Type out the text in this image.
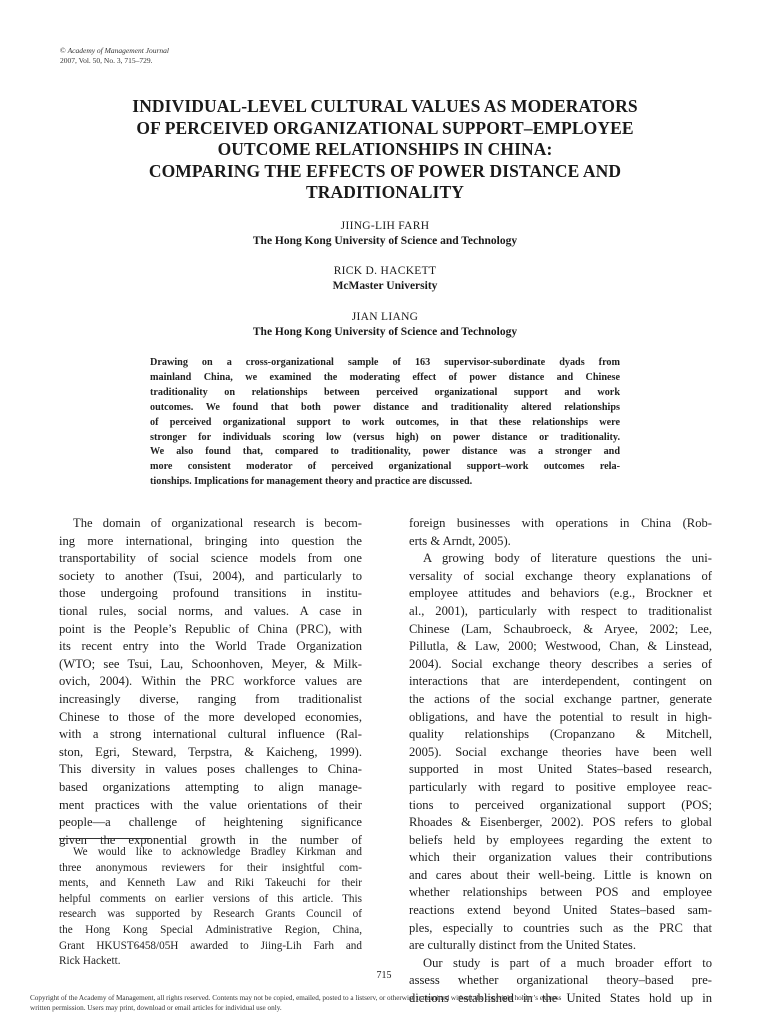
© Academy of Management Journal
2007, Vol. 50, No. 3, 715–729.
INDIVIDUAL-LEVEL CULTURAL VALUES AS MODERATORS
OF PERCEIVED ORGANIZATIONAL SUPPORT–EMPLOYEE
OUTCOME RELATIONSHIPS IN CHINA:
COMPARING THE EFFECTS OF POWER DISTANCE AND
TRADITIONALITY
JIING-LIH FARH
The Hong Kong University of Science and Technology
RICK D. HACKETT
McMaster University
JIAN LIANG
The Hong Kong University of Science and Technology
Drawing on a cross-organizational sample of 163 supervisor-subordinate dyads from
mainland China, we examined the moderating effect of power distance and Chinese
traditionality on relationships between perceived organizational support and work
outcomes. We found that both power distance and traditionality altered relationships
of perceived organizational support to work outcomes, in that these relationships were
stronger for individuals scoring low (versus high) on power distance or traditionality.
We also found that, compared to traditionality, power distance was a stronger and
more consistent moderator of perceived organizational support–work outcomes rela-
tionships. Implications for management theory and practice are discussed.
The domain of organizational research is becom-
ing more international, bringing into question the
transportability of social science models from one
society to another (Tsui, 2004), and particularly to
those undergoing profound transitions in institu-
tional rules, social norms, and values. A case in
point is the People’s Republic of China (PRC), with
its recent entry into the World Trade Organization
(WTO; see Tsui, Lau, Schoonhoven, Meyer, & Milk-
ovich, 2004). Within the PRC workforce values are
increasingly diverse, ranging from traditionalist
Chinese to those of the more developed economies,
with a strong international cultural influence (Ral-
ston, Egri, Steward, Terpstra, & Kaicheng, 1999).
This diversity in values poses challenges to China-
based organizations attempting to align manage-
ment practices with the value orientations of their
people—a challenge of heightening significance
given the exponential growth in the number of
We would like to acknowledge Bradley Kirkman and
three anonymous reviewers for their insightful com-
ments, and Kenneth Law and Riki Takeuchi for their
helpful comments on earlier versions of this article. This
research was supported by Research Grants Council of
the Hong Kong Special Administrative Region, China,
Grant HKUST6458/05H awarded to Jiing-Lih Farh and
Rick Hackett.
foreign businesses with operations in China (Rob-
erts & Arndt, 2005).
A growing body of literature questions the uni-
versality of social exchange theory explanations of
employee attitudes and behaviors (e.g., Brockner et
al., 2001), particularly with respect to traditionalist
Chinese (Lam, Schaubroeck, & Aryee, 2002; Lee,
Pillutla, & Law, 2000; Westwood, Chan, & Linstead,
2004). Social exchange theory describes a series of
interactions that are interdependent, contingent on
the actions of the social exchange partner, generate
obligations, and have the potential to result in high-
quality relationships (Cropanzano & Mitchell,
2005). Social exchange theories have been well
supported in most United States–based research,
particularly with regard to positive employee reac-
tions to perceived organizational support (POS;
Rhoades & Eisenberger, 2002). POS refers to global
beliefs held by employees regarding the extent to
which their organization values their contributions
and cares about their well-being. Little is known on
whether relationships between POS and employee
reactions extend beyond United States–based sam-
ples, especially to countries such as the PRC that
are culturally distinct from the United States.
Our study is part of a much broader effort to
assess whether organizational theory–based pre-
dictions established in the United States hold up in
715
Copyright of the Academy of Management, all rights reserved. Contents may not be copied, emailed, posted to a listserv, or otherwise transmitted without the copyright holder’s express
written permission. Users may print, download or email articles for individual use only.
